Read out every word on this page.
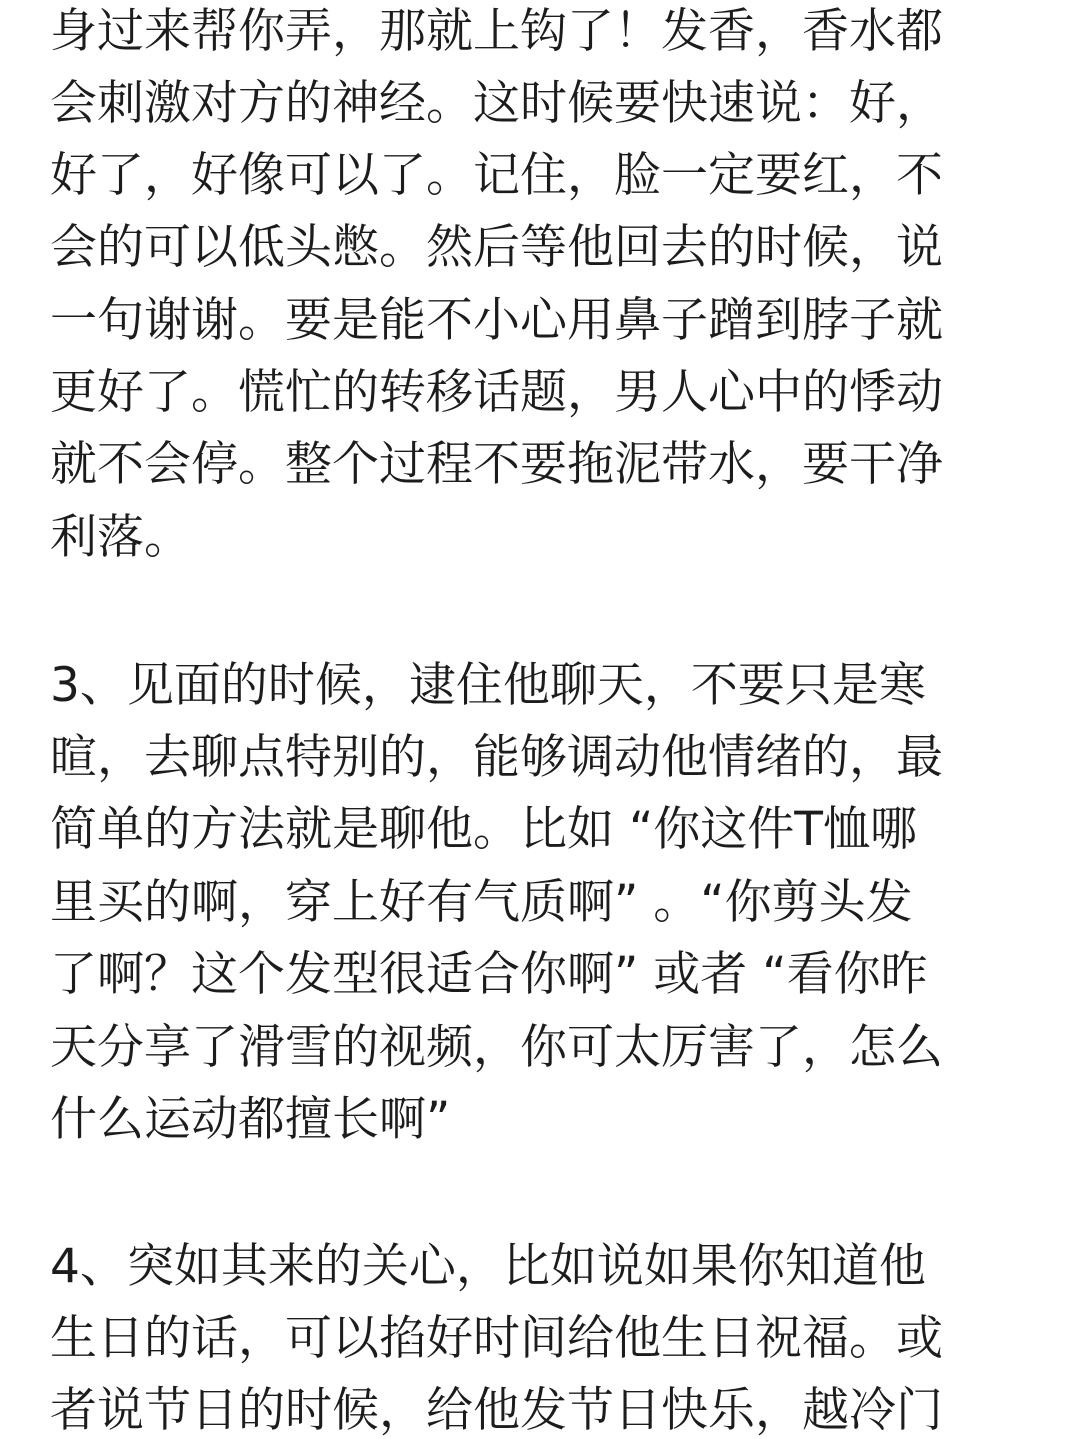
身过来帮你弄，那就上钩了！发香，香水都
会刺激对方的神经。这时候要快速说：好，
好了，好像可以了。记住，脸一定要红，不
会的可以低头憋。然后等他回去的时候，说
一句谢谢。要是能不小心用鼻子蹭到脖子就
更好了。慌忙的转移话题，男人心中的悸动
就不会停。整个过程不要拖泥带水，要干净
利落。
3、见面的时候，逮住他聊天，不要只是寒
暄，去聊点特别的，能够调动他情绪的，最
简单的方法就是聊他。比如 “你这件T恤哪
里买的啊，穿上好有气质啊” 。“你剪头发
了啊？这个发型很适合你啊” 或者 “看你昨
天分享了滑雪的视频，你可太厉害了，怎么
什么运动都擅长啊”
4、突如其来的关心，比如说如果你知道他
生日的话，可以掐好时间给他生日祝福。或
者说节日的时候，给他发节日快乐，越冷门
